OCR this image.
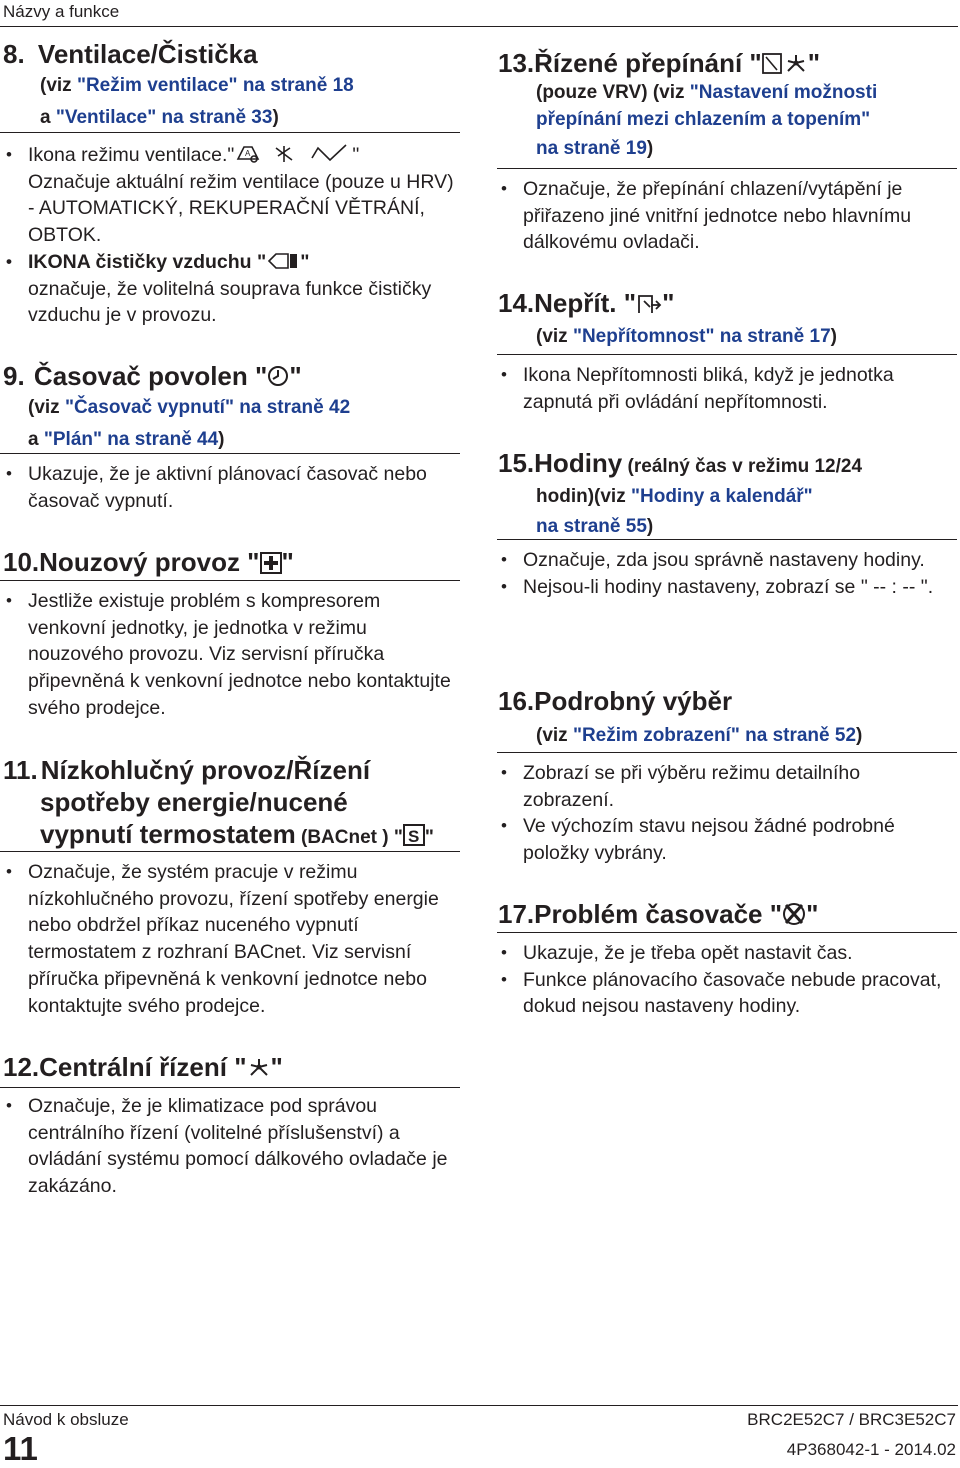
Názvy a funkce
8. Ventilace/Čistička
(viz "Režim ventilace" na straně 18
a "Ventilace" na straně 33)
• Ikona režimu ventilace." A	"
Označuje aktuální režim ventilace (pouze u HRV) - AUTOMATICKÝ, REKUPERAČNÍ VĚTRÁNÍ, OBTOK.
• IKONA čističky vzduchu " "
označuje, že volitelná souprava funkce čističky vzduchu je v provozu.
9. Časovač povolen " "
(viz "Časovač vypnutí" na straně 42
a "Plán" na straně 44)
• Ukazuje, že je aktivní plánovací časovač nebo časovač vypnutí.
10.Nouzový provoz " "
• Jestliže existuje problém s kompresorem venkovní jednotky, je jednotka v režimu nouzového provozu. Viz servisní příručka připevněná k venkovní jednotce nebo kontaktujte svého prodejce.
11. Nízkohlučný provoz/Řízení
spotřeby energie/nucené
vypnutí termostatem (BACnet ) " S "
• Označuje, že systém pracuje v režimu nízkohlučného provozu, řízení spotřeby energie nebo obdržel příkaz nuceného vypnutí termostatem z rozhraní BACnet. Viz servisní příručka připevněná k venkovní jednotce nebo kontaktujte svého prodejce.
12.Centrální řízení " "
• Označuje, že je klimatizace pod správou centrálního řízení (volitelné příslušenství) a ovládání systému pomocí dálkového ovladače je zakázáno.
13.Řízené přepínání " "
(pouze VRV) (viz "Nastavení možnosti
přepínání mezi chlazením a topením"
na straně 19)
• Označuje, že přepínání chlazení/vytápění je přiřazeno jiné vnitřní jednotce nebo hlavnímu dálkovému ovladači.
14.Nepřít. " "
(viz "Nepřítomnost" na straně 17)
• Ikona Nepřítomnosti bliká, když je jednotka zapnutá při ovládání nepřítomnosti.
15.Hodiny (reálný čas v režimu 12/24
hodin)(viz "Hodiny a kalendář"
na straně 55)
• Označuje, zda jsou správně nastaveny hodiny.
• Nejsou-li hodiny nastaveny, zobrazí se " -- : -- ".
16.Podrobný výběr
(viz "Režim zobrazení" na straně 52)
• Zobrazí se při výběru režimu detailního zobrazení.
• Ve výchozím stavu nejsou žádné podrobné položky vybrány.
17.Problém časovače " "
• Ukazuje, že je třeba opět nastavit čas.
• Funkce plánovacího časovače nebude pracovat, dokud nejsou nastaveny hodiny.
Návod k obsluze
11
BRC2E52C7 / BRC3E52C7
4P368042-1 - 2014.02
